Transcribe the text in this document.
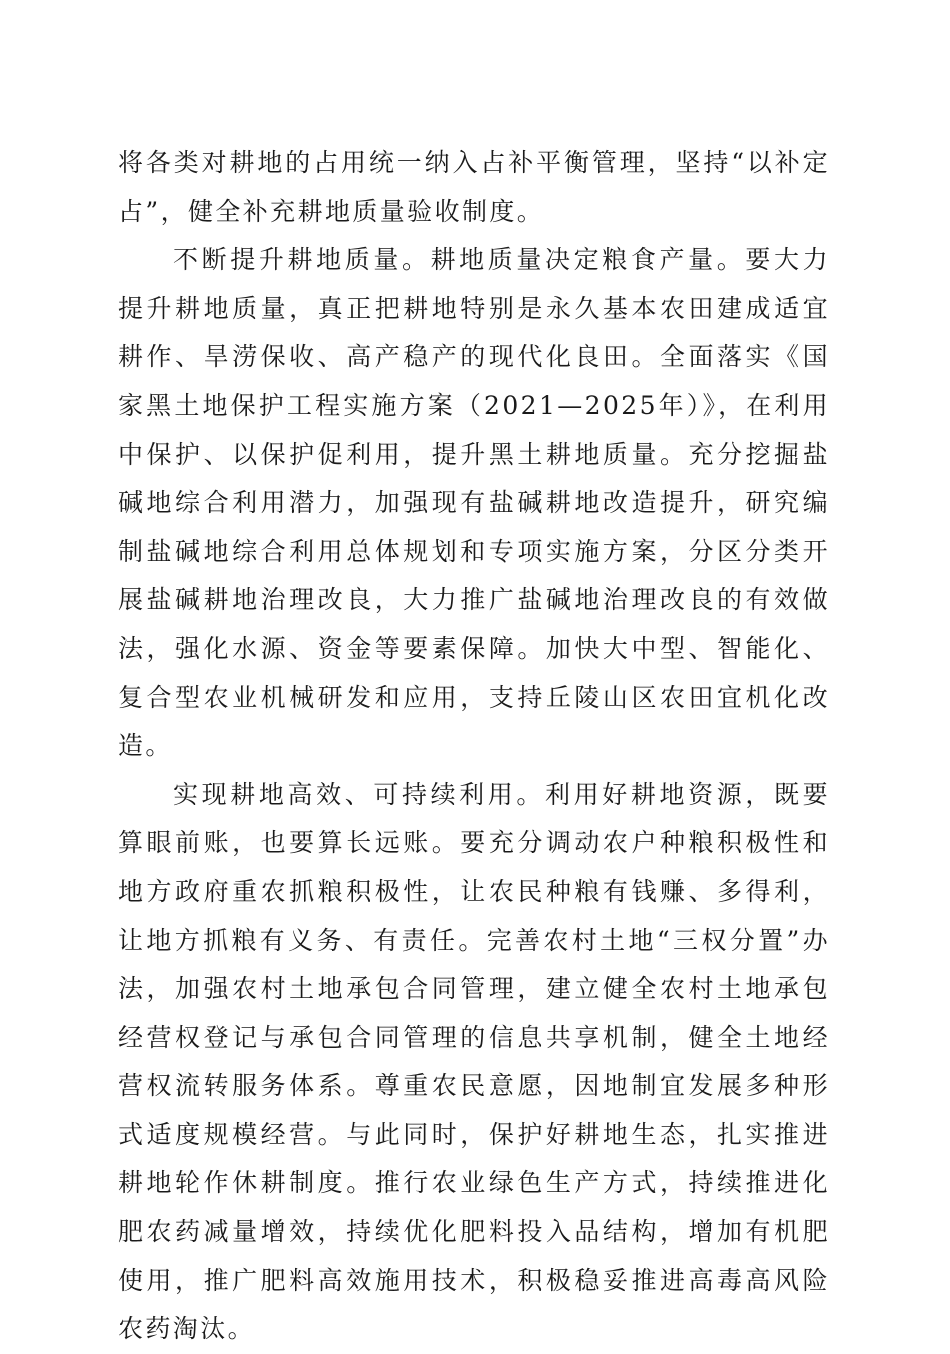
将各类对耕地的占用统一纳入占补平衡管理，坚持“以补定占”，健全补充耕地质量验收制度。

不断提升耕地质量。耕地质量决定粮食产量。要大力提升耕地质量，真正把耕地特别是永久基本农田建成适宜耕作、旱涝保收、高产稳产的现代化良田。全面落实《国家黑土地保护工程实施方案（2021—2025年）》，在利用中保护、以保护促利用，提升黑土耕地质量。充分挖掘盐碱地综合利用潜力，加强现有盐碱耕地改造提升，研究编制盐碱地综合利用总体规划和专项实施方案，分区分类开展盐碱耕地治理改良，大力推广盐碱地治理改良的有效做法，强化水源、资金等要素保障。加快大中型、智能化、复合型农业机械研发和应用，支持丘陵山区农田宜机化改造。

实现耕地高效、可持续利用。利用好耕地资源，既要算眼前账，也要算长远账。要充分调动农户种粮积极性和地方政府重农抓粮积极性，让农民种粮有钱赚、多得利，让地方抓粮有义务、有责任。完善农村土地“三权分置”办法，加强农村土地承包合同管理，建立健全农村土地承包经营权登记与承包合同管理的信息共享机制，健全土地经营权流转服务体系。尊重农民意愿，因地制宜发展多种形式适度规模经营。与此同时，保护好耕地生态，扎实推进耕地轮作休耕制度。推行农业绿色生产方式，持续推进化肥农药减量增效，持续优化肥料投入品结构，增加有机肥使用，推广肥料高效施用技术，积极稳妥推进高毒高风险农药淘汰。
